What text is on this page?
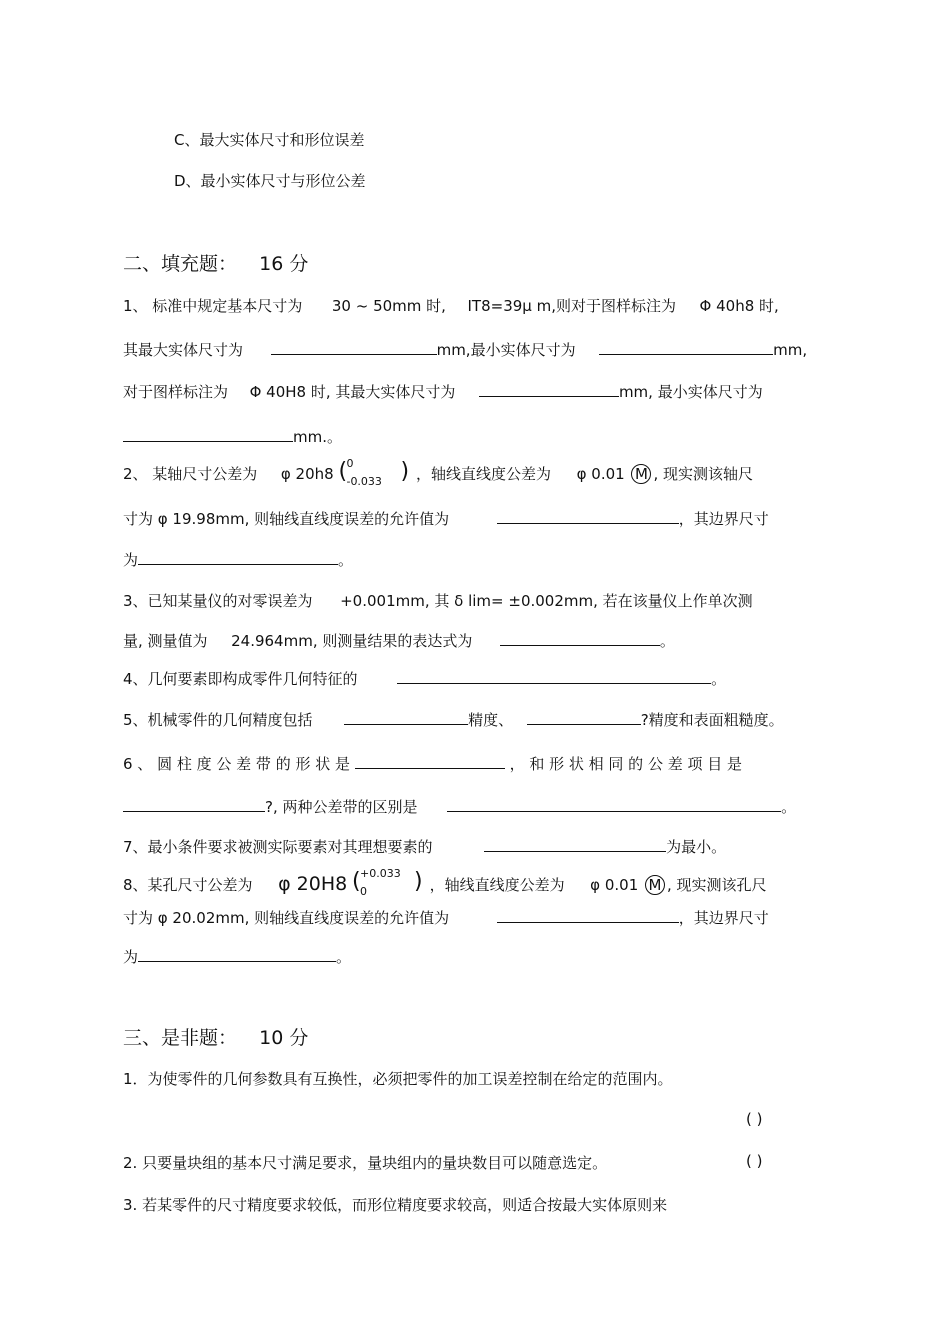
C、最大实体尺寸和形位误差
D、最小实体尺寸与形位公差
二、填充题： 16 分
1、 标准中规定基本尺寸为 30 ~ 50mm 时, IT8=39μ m,则对于图样标注为 Φ 40h8 时,
其最大实体尺寸为	mm,最小实体尺寸为	mm,
对于图样标注为 Φ 40H8 时, 其最大实体尺寸为	mm, 最小实体尺寸为
mm.。
2、 某轴尺寸公差为 φ 20h8 ( 0
-0.033 ) ，轴线直线度公差为 φ 0.01 M , 现实测该轴尺
寸为 φ 19.98mm, 则轴线直线度误差的允许值为	，其边界尺寸
为	。
3、已知某量仪的对零误差为 +0.001mm, 其 δ lim= ±0.002mm, 若在该量仪上作单次测
量, 测量值为 24.964mm, 则测量结果的表达式为	。
4、几何要素即构成零件几何特征的	。
5、机械零件的几何精度包括	精度、	?精度和表面粗糙度。
6 、 圆 柱 度 公 差 带 的 形 状 是	， 和 形 状 相 同 的 公 差 项 目 是
?, 两种公差带的区别是	。
7、最小条件要求被测实际要素对其理想要素的	为最小。
8、某孔尺寸公差为 φ 20H8 ( +0.033
0 ) ，轴线直线度公差为 φ 0.01 M , 现实测该孔尺
寸为 φ 20.02mm, 则轴线直线度误差的允许值为	，其边界尺寸
为	。
三、是非题： 10 分
1．为使零件的几何参数具有互换性，必须把零件的加工误差控制在给定的范围内。
( )
2. 只要量块组的基本尺寸满足要求，量块组内的量块数目可以随意选定。	( )
3. 若某零件的尺寸精度要求较低，而形位精度要求较高，则适合按最大实体原则来
